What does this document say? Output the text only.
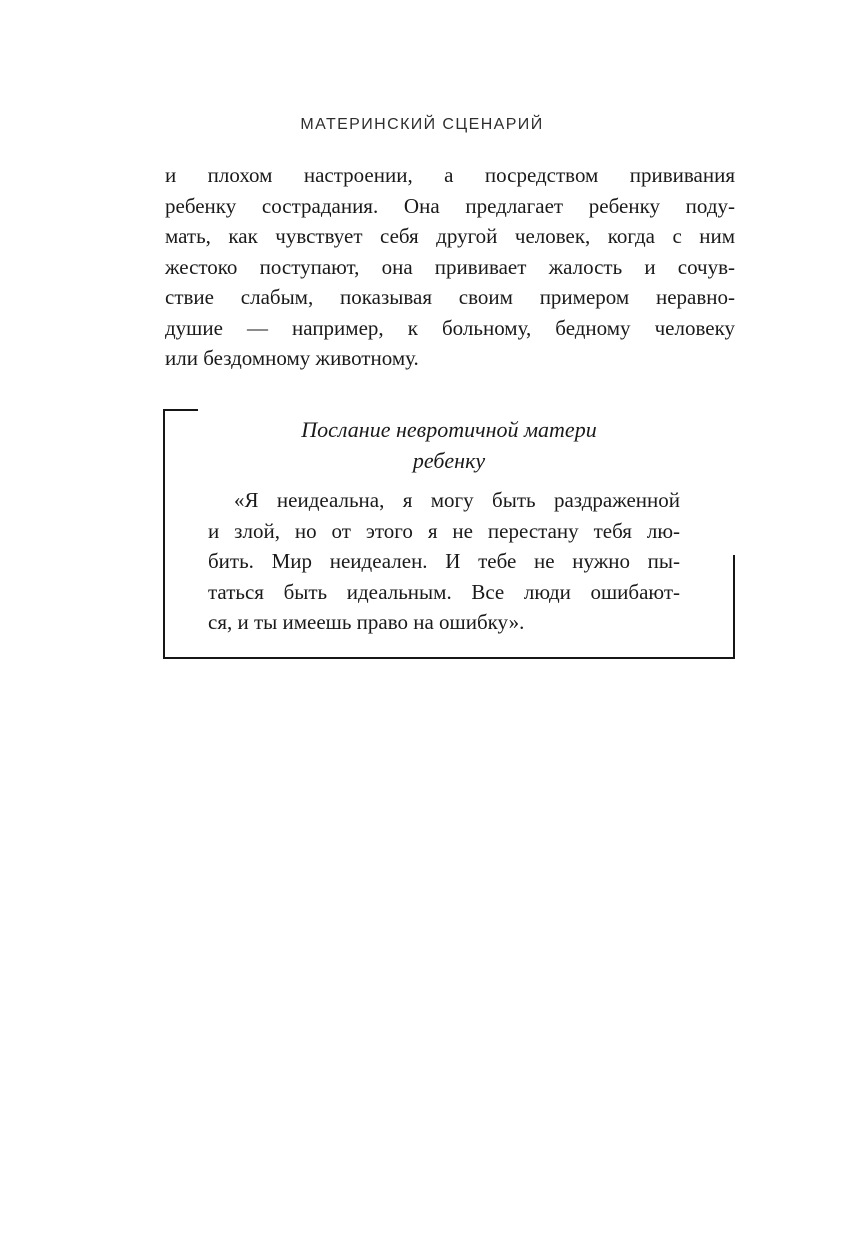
МАТЕРИНСКИЙ СЦЕНАРИЙ
и плохом настроении, а посредством прививания
ребенку сострадания. Она предлагает ребенку поду-
мать, как чувствует себя другой человек, когда с ним
жестоко поступают, она прививает жалость и сочув-
ствие слабым, показывая своим примером неравно-
душие — например, к больному, бедному человеку
или бездомному животному.
Послание невротичной матери
ребенку
«Я неидеальна, я могу быть раздраженной
и злой, но от этого я не перестану тебя лю-
бить. Мир неидеален. И тебе не нужно пы-
таться быть идеальным. Все люди ошибают-
ся, и ты имеешь право на ошибку».
